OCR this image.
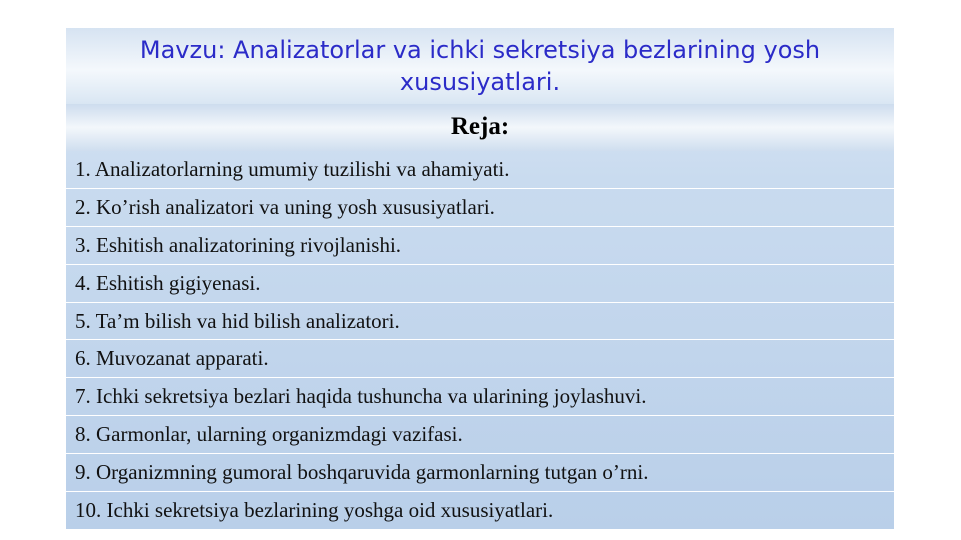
Mavzu: Analizatorlar va ichki sekretsiya bezlarining yosh xususiyatlari.
Reja:
1. Analizatorlarning umumiy tuzilishi va ahamiyati.
2. Ko’rish analizatori va uning yosh xususiyatlari.
3. Eshitish analizatorining rivojlanishi.
4. Eshitish gigiyenasi.
5. Ta’m bilish va hid bilish analizatori.
6. Muvozanat apparati.
7. Ichki sekretsiya bezlari haqida tushuncha va ularining joylashuvi.
8. Garmonlar, ularning organizmdagi vazifasi.
9. Organizmning gumoral boshqaruvida garmonlarning tutgan o’rni.
10. Ichki sekretsiya bezlarining yoshga oid xususiyatlari.
